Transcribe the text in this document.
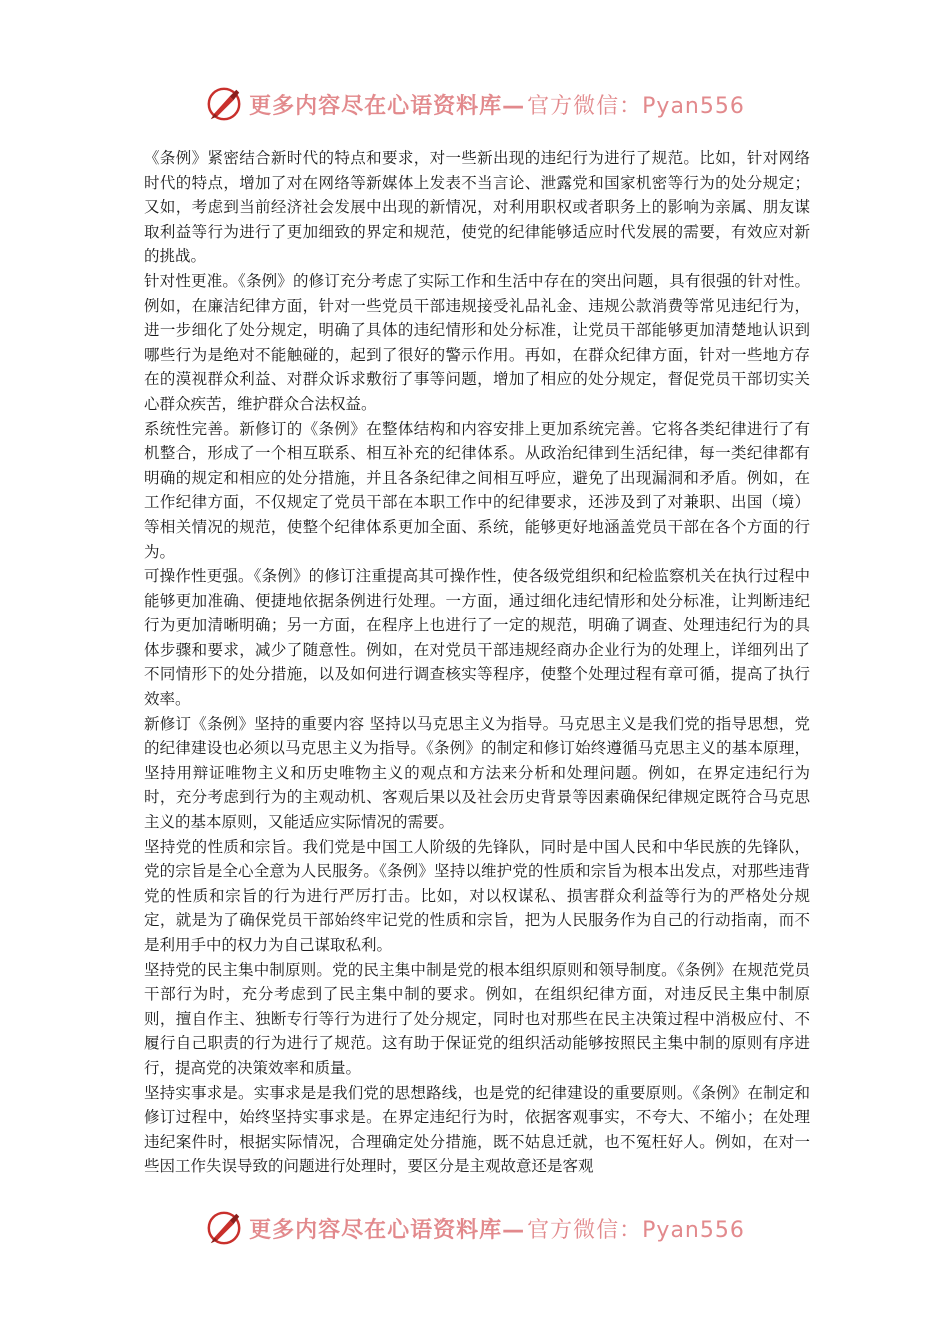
更多内容尽在心语资料库—官方微信：Pyan556

《条例》紧密结合新时代的特点和要求，对一些新出现的违纪行为进行了规范。比如，针对网络时代的特点，增加了对在网络等新媒体上发表不当言论、泄露党和国家机密等行为的处分规定；又如，考虑到当前经济社会发展中出现的新情况，对利用职权或者职务上的影响为亲属、朋友谋取利益等行为进行了更加细致的界定和规范，使党的纪律能够适应时代发展的需要，有效应对新的挑战。

针对性更准。《条例》的修订充分考虑了实际工作和生活中存在的突出问题，具有很强的针对性。例如，在廉洁纪律方面，针对一些党员干部违规接受礼品礼金、违规公款消费等常见违纪行为，进一步细化了处分规定，明确了具体的违纪情形和处分标准，让党员干部能够更加清楚地认识到哪些行为是绝对不能触碰的，起到了很好的警示作用。再如，在群众纪律方面，针对一些地方存在的漠视群众利益、对群众诉求敷衍了事等问题，增加了相应的处分规定，督促党员干部切实关心群众疾苦，维护群众合法权益。

系统性完善。新修订的《条例》在整体结构和内容安排上更加系统完善。它将各类纪律进行了有机整合，形成了一个相互联系、相互补充的纪律体系。从政治纪律到生活纪律，每一类纪律都有明确的规定和相应的处分措施，并且各条纪律之间相互呼应，避免了出现漏洞和矛盾。例如，在工作纪律方面，不仅规定了党员干部在本职工作中的纪律要求，还涉及到了对兼职、出国（境）等相关情况的规范，使整个纪律体系更加全面、系统，能够更好地涵盖党员干部在各个方面的行为。

可操作性更强。《条例》的修订注重提高其可操作性，使各级党组织和纪检监察机关在执行过程中能够更加准确、便捷地依据条例进行处理。一方面，通过细化违纪情形和处分标准，让判断违纪行为更加清晰明确；另一方面，在程序上也进行了一定的规范，明确了调查、处理违纪行为的具体步骤和要求，减少了随意性。例如，在对党员干部违规经商办企业行为的处理上，详细列出了不同情形下的处分措施，以及如何进行调查核实等程序，使整个处理过程有章可循，提高了执行效率。

新修订《条例》坚持的重要内容 坚持以马克思主义为指导。马克思主义是我们党的指导思想，党的纪律建设也必须以马克思主义为指导。《条例》的制定和修订始终遵循马克思主义的基本原理，坚持用辩证唯物主义和历史唯物主义的观点和方法来分析和处理问题。例如，在界定违纪行为时，充分考虑到行为的主观动机、客观后果以及社会历史背景等因素确保纪律规定既符合马克思主义的基本原则，又能适应实际情况的需要。

坚持党的性质和宗旨。我们党是中国工人阶级的先锋队，同时是中国人民和中华民族的先锋队，党的宗旨是全心全意为人民服务。《条例》坚持以维护党的性质和宗旨为根本出发点，对那些违背党的性质和宗旨的行为进行严厉打击。比如，对以权谋私、损害群众利益等行为的严格处分规定，就是为了确保党员干部始终牢记党的性质和宗旨，把为人民服务作为自己的行动指南，而不是利用手中的权力为自己谋取私利。

坚持党的民主集中制原则。党的民主集中制是党的根本组织原则和领导制度。《条例》在规范党员干部行为时，充分考虑到了民主集中制的要求。例如，在组织纪律方面，对违反民主集中制原则，擅自作主、独断专行等行为进行了处分规定，同时也对那些在民主决策过程中消极应付、不履行自己职责的行为进行了规范。这有助于保证党的组织活动能够按照民主集中制的原则有序进行，提高党的决策效率和质量。

坚持实事求是。实事求是是我们党的思想路线，也是党的纪律建设的重要原则。《条例》在制定和修订过程中，始终坚持实事求是。在界定违纪行为时，依据客观事实，不夸大、不缩小；在处理违纪案件时，根据实际情况，合理确定处分措施，既不姑息迁就，也不冤枉好人。例如，在对一些因工作失误导致的问题进行处理时，要区分是主观故意还是客观

更多内容尽在心语资料库—官方微信：Pyan556
